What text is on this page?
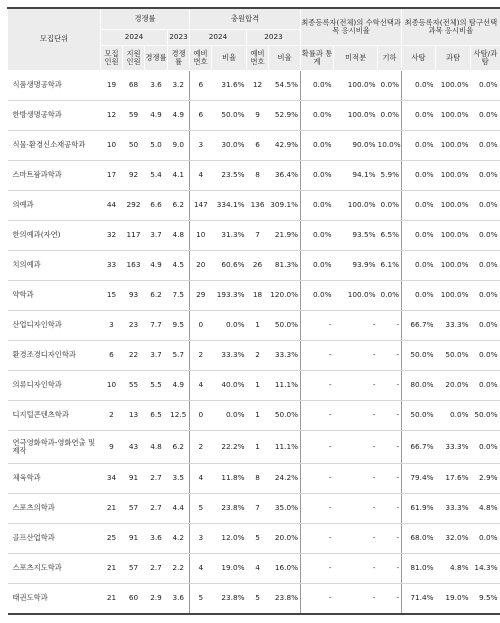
모집단위	경쟁률				충원합격				최종등록자(전체)의 수학선택과목 응시비율			최종등록자(전체)의 탐구선택과목 응시비율		
	2024			2023	2024		2023							
	모집인원	지원인원	경쟁률	경쟁률	예비번호	비율	예비번호	비율	확률과 통계	미적분	기하	사탐	과탐	사탐/과탐
식품생명공학과	19	68	3.6	3.2	6	31.6%	12	54.5%	0.0%	100.0%	0.0%	0.0%	100.0%	0.0%
한방생명공학과	12	59	4.9	4.9	6	50.0%	9	52.9%	0.0%	100.0%	0.0%	0.0%	100.0%	0.0%
식물·환경신소재공학과	10	50	5.0	9.0	3	30.0%	6	42.9%	0.0%	90.0%	10.0%	0.0%	100.0%	0.0%
스마트팜과학과	17	92	5.4	4.1	4	23.5%	8	36.4%	0.0%	94.1%	5.9%	0.0%	100.0%	0.0%
의예과	44	292	6.6	6.2	147	334.1%	136	309.1%	0.0%	100.0%	0.0%	0.0%	100.0%	0.0%
한의예과(자연)	32	117	3.7	4.8	10	31.3%	7	21.9%	0.0%	93.5%	6.5%	0.0%	100.0%	0.0%
치의예과	33	163	4.9	4.5	20	60.6%	26	81.3%	0.0%	93.9%	6.1%	0.0%	100.0%	0.0%
약학과	15	93	6.2	7.5	29	193.3%	18	120.0%	0.0%	100.0%	0.0%	0.0%	100.0%	0.0%
산업디자인학과	3	23	7.7	9.5	0	0.0%	1	50.0%	-	-	-	66.7%	33.3%	0.0%
환경조경디자인학과	6	22	3.7	5.7	2	33.3%	2	33.3%	-	-	-	50.0%	50.0%	0.0%
의류디자인학과	10	55	5.5	4.9	4	40.0%	1	11.1%	-	-	-	80.0%	20.0%	0.0%
디지털콘텐츠학과	2	13	6.5	12.5	0	0.0%	1	50.0%	-	-	-	50.0%	0.0%	50.0%
연극영화학과-영화연출 및 제작	9	43	4.8	6.2	2	22.2%	1	11.1%	-	-	-	66.7%	33.3%	0.0%
체육학과	34	91	2.7	3.5	4	11.8%	8	24.2%	-	-	-	79.4%	17.6%	2.9%
스포츠의학과	21	57	2.7	4.4	5	23.8%	7	35.0%	-	-	-	61.9%	33.3%	4.8%
골프산업학과	25	91	3.6	4.2	3	12.0%	5	20.0%	-	-	-	68.0%	32.0%	0.0%
스포츠지도학과	21	57	2.7	2.2	4	19.0%	4	16.0%	-	-	-	81.0%	4.8%	14.3%
태권도학과	21	60	2.9	3.6	5	23.8%	5	23.8%	-	-	-	71.4%	19.0%	9.5%
